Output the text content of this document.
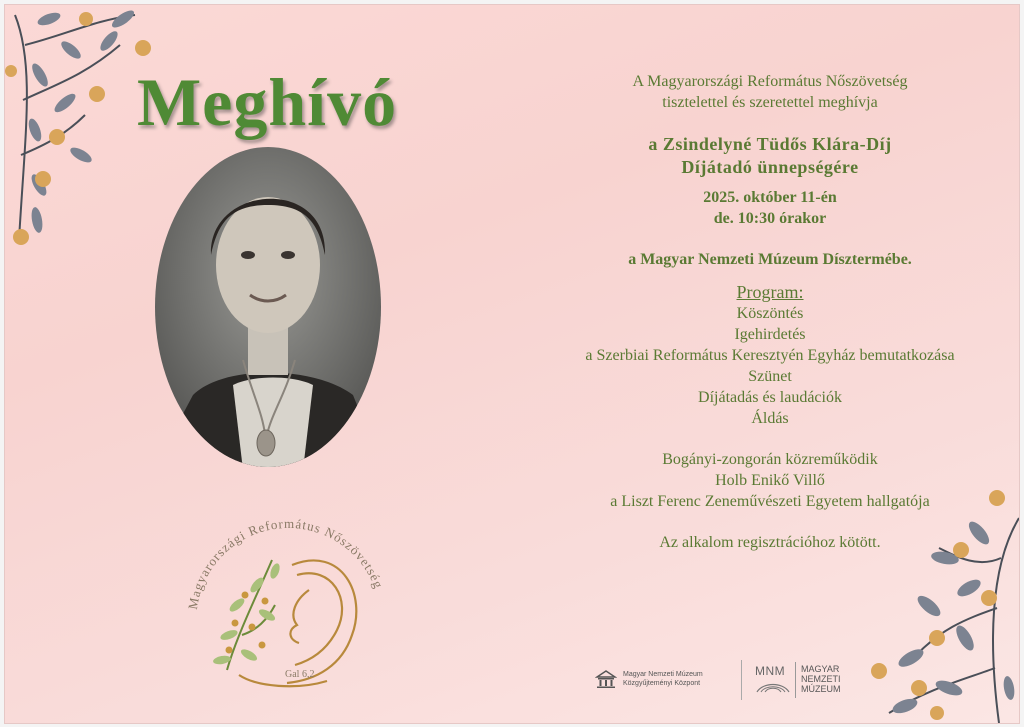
Meghívó
Magyarországi Református Nőszövetség
Gal 6,2
A Magyarországi Református Nőszövetség
tisztelettel és szeretettel meghívja
a Zsindelyné Tüdős Klára-Díj
Díjátadó ünnepségére
2025. október 11-én
de. 10:30 órakor
a Magyar Nemzeti Múzeum Dísztermébe.
Program:
Köszöntés
Igehirdetés
a Szerbiai Református Keresztyén Egyház bemutatkozása
Szünet
Díjátadás és laudációk
Áldás
Bogányi-zongorán közreműködik
Holb Enikő Villő
a Liszt Ferenc Zeneművészeti Egyetem hallgatója
Az alkalom regisztrációhoz kötött.
Magyar Nemzeti Múzeum
Közgyűjteményi Központ
MNM MAGYAR
NEMZETI
MÚZEUM
